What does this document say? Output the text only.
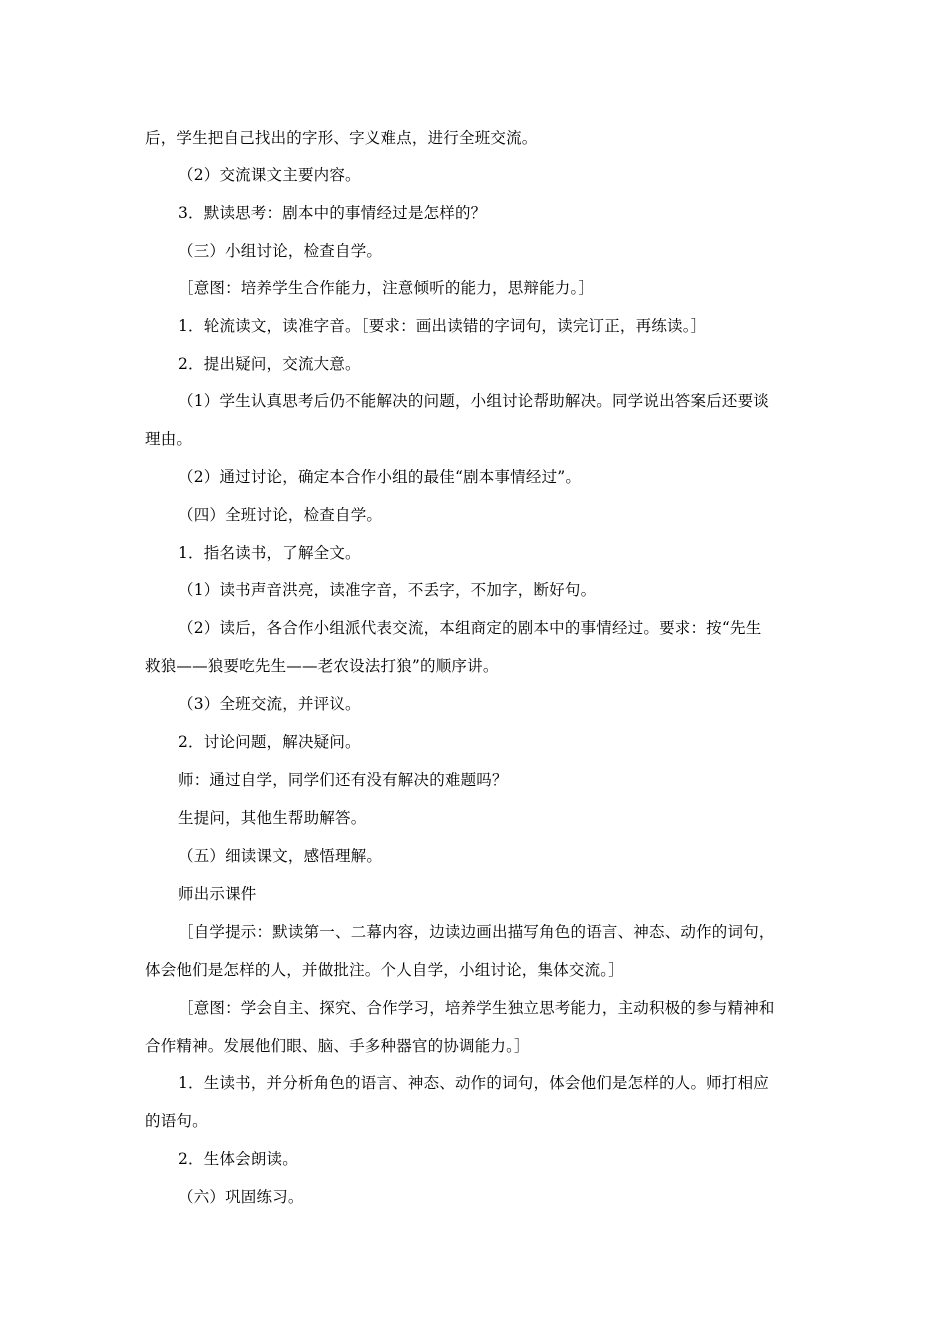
后，学生把自己找出的字形、字义难点，进行全班交流。
（2）交流课文主要内容。
3．默读思考：剧本中的事情经过是怎样的？
（三）小组讨论，检查自学。
［意图：培养学生合作能力，注意倾听的能力，思辩能力。］
1．轮流读文，读准字音。［要求：画出读错的字词句，读完订正，再练读。］
2．提出疑问，交流大意。
（1）学生认真思考后仍不能解决的问题，小组讨论帮助解决。同学说出答案后还要谈
理由。
（2）通过讨论，确定本合作小组的最佳“剧本事情经过”。
（四）全班讨论，检查自学。
1．指名读书，了解全文。
（1）读书声音洪亮，读准字音，不丢字，不加字，断好句。
（2）读后，各合作小组派代表交流，本组商定的剧本中的事情经过。要求：按“先生
救狼——狼要吃先生——老农设法打狼”的顺序讲。
（3）全班交流，并评议。
2．讨论问题，解决疑问。
师：通过自学，同学们还有没有解决的难题吗？
生提问，其他生帮助解答。
（五）细读课文，感悟理解。
师出示课件
［自学提示：默读第一、二幕内容，边读边画出描写角色的语言、神态、动作的词句，
体会他们是怎样的人，并做批注。个人自学，小组讨论，集体交流。］
［意图：学会自主、探究、合作学习，培养学生独立思考能力，主动积极的参与精神和
合作精神。发展他们眼、脑、手多种器官的协调能力。］
1．生读书，并分析角色的语言、神态、动作的词句，体会他们是怎样的人。师打相应
的语句。
2．生体会朗读。
（六）巩固练习。
